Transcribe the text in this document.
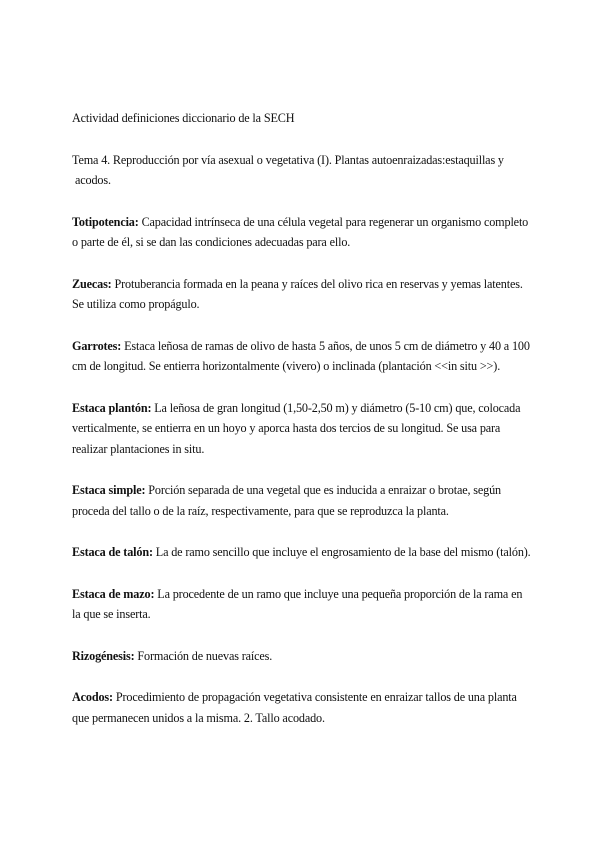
Actividad definiciones diccionario de la SECH

Tema 4. Reproducción por vía asexual o vegetativa (I). Plantas autoenraizadas:estaquillas y acodos.

Totipotencia: Capacidad intrínseca de una célula vegetal para regenerar un organismo completo o parte de él, si se dan las condiciones adecuadas para ello.

Zuecas: Protuberancia formada en la peana y raíces del olivo rica en reservas y yemas latentes. Se utiliza como propágulo.

Garrotes: Estaca leñosa de ramas de olivo de hasta 5 años, de unos 5 cm de diámetro y 40 a 100 cm de longitud. Se entierra horizontalmente (vivero) o inclinada (plantación <<in situ >>).

Estaca plantón: La leñosa de gran longitud (1,50-2,50 m) y diámetro (5-10 cm) que, colocada verticalmente, se entierra en un hoyo y aporca hasta dos tercios de su longitud. Se usa para realizar plantaciones in situ.

Estaca simple: Porción separada de una vegetal que es inducida a enraizar o brotae, según proceda del tallo o de la raíz, respectivamente, para que se reproduzca la planta.

Estaca de talón: La de ramo sencillo que incluye el engrosamiento de la base del mismo (talón).

Estaca de mazo: La procedente de un ramo que incluye una pequeña proporción de la rama en la que se inserta.

Rizogénesis: Formación de nuevas raíces.

Acodos: Procedimiento de propagación vegetativa consistente en enraizar tallos de una planta que permanecen unidos a la misma. 2. Tallo acodado.
